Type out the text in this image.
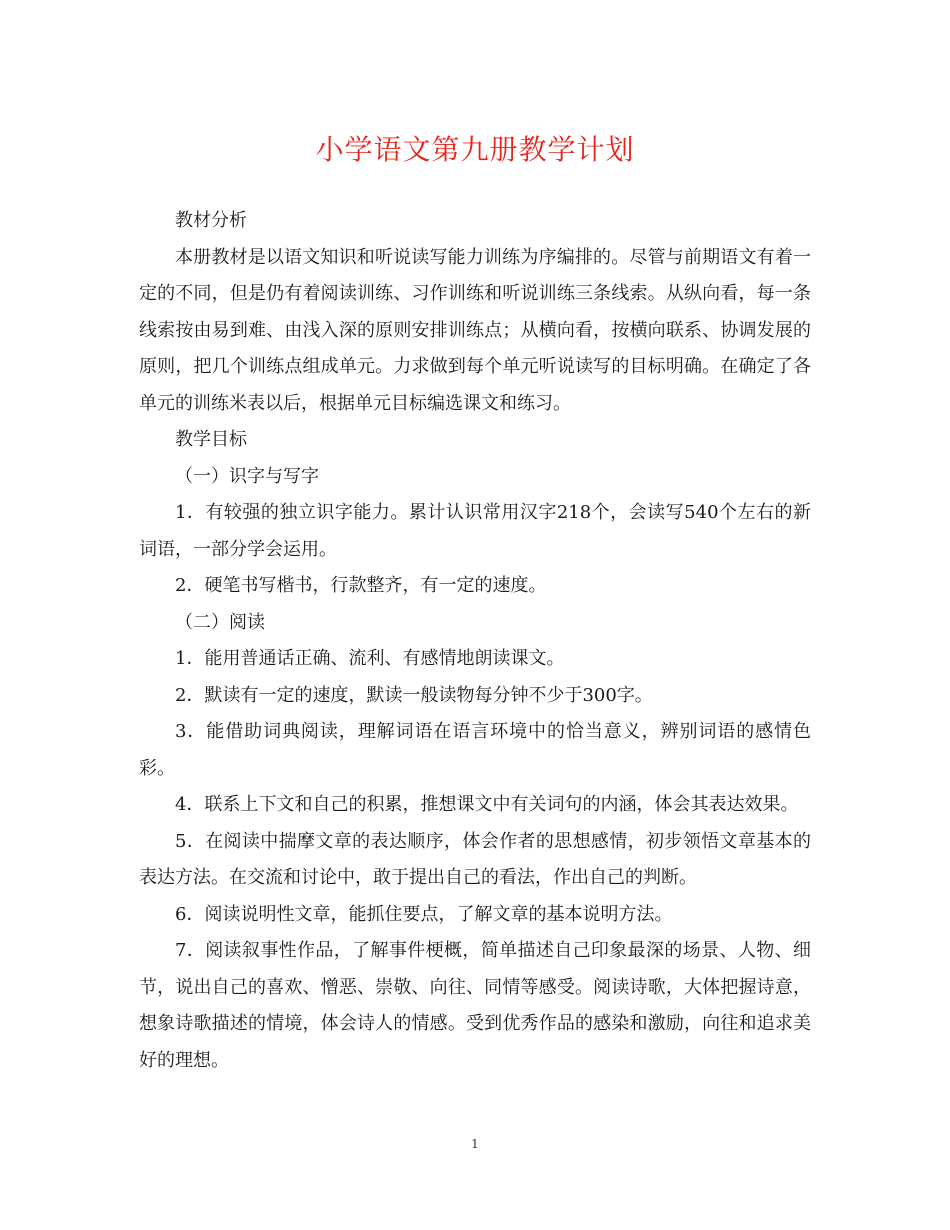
小学语文第九册教学计划

教材分析

本册教材是以语文知识和听说读写能力训练为序编排的。尽管与前期语文有着一定的不同，但是仍有着阅读训练、习作训练和听说训练三条线索。从纵向看，每一条线索按由易到难、由浅入深的原则安排训练点；从横向看，按横向联系、协调发展的原则，把几个训练点组成单元。力求做到每个单元听说读写的目标明确。在确定了各单元的训练米表以后，根据单元目标编选课文和练习。

教学目标

（一）识字与写字

1．有较强的独立识字能力。累计认识常用汉字218个，会读写540个左右的新词语，一部分学会运用。

2．硬笔书写楷书，行款整齐，有一定的速度。

（二）阅读

1．能用普通话正确、流利、有感情地朗读课文。

2．默读有一定的速度，默读一般读物每分钟不少于300字。

3．能借助词典阅读，理解词语在语言环境中的恰当意义，辨别词语的感情色彩。

4．联系上下文和自己的积累，推想课文中有关词句的内涵，体会其表达效果。

5．在阅读中揣摩文章的表达顺序，体会作者的思想感情，初步领悟文章基本的表达方法。在交流和讨论中，敢于提出自己的看法，作出自己的判断。

6．阅读说明性文章，能抓住要点，了解文章的基本说明方法。

7．阅读叙事性作品，了解事件梗概，简单描述自己印象最深的场景、人物、细节，说出自己的喜欢、憎恶、崇敬、向往、同情等感受。阅读诗歌，大体把握诗意，想象诗歌描述的情境，体会诗人的情感。受到优秀作品的感染和激励，向往和追求美好的理想。

1
